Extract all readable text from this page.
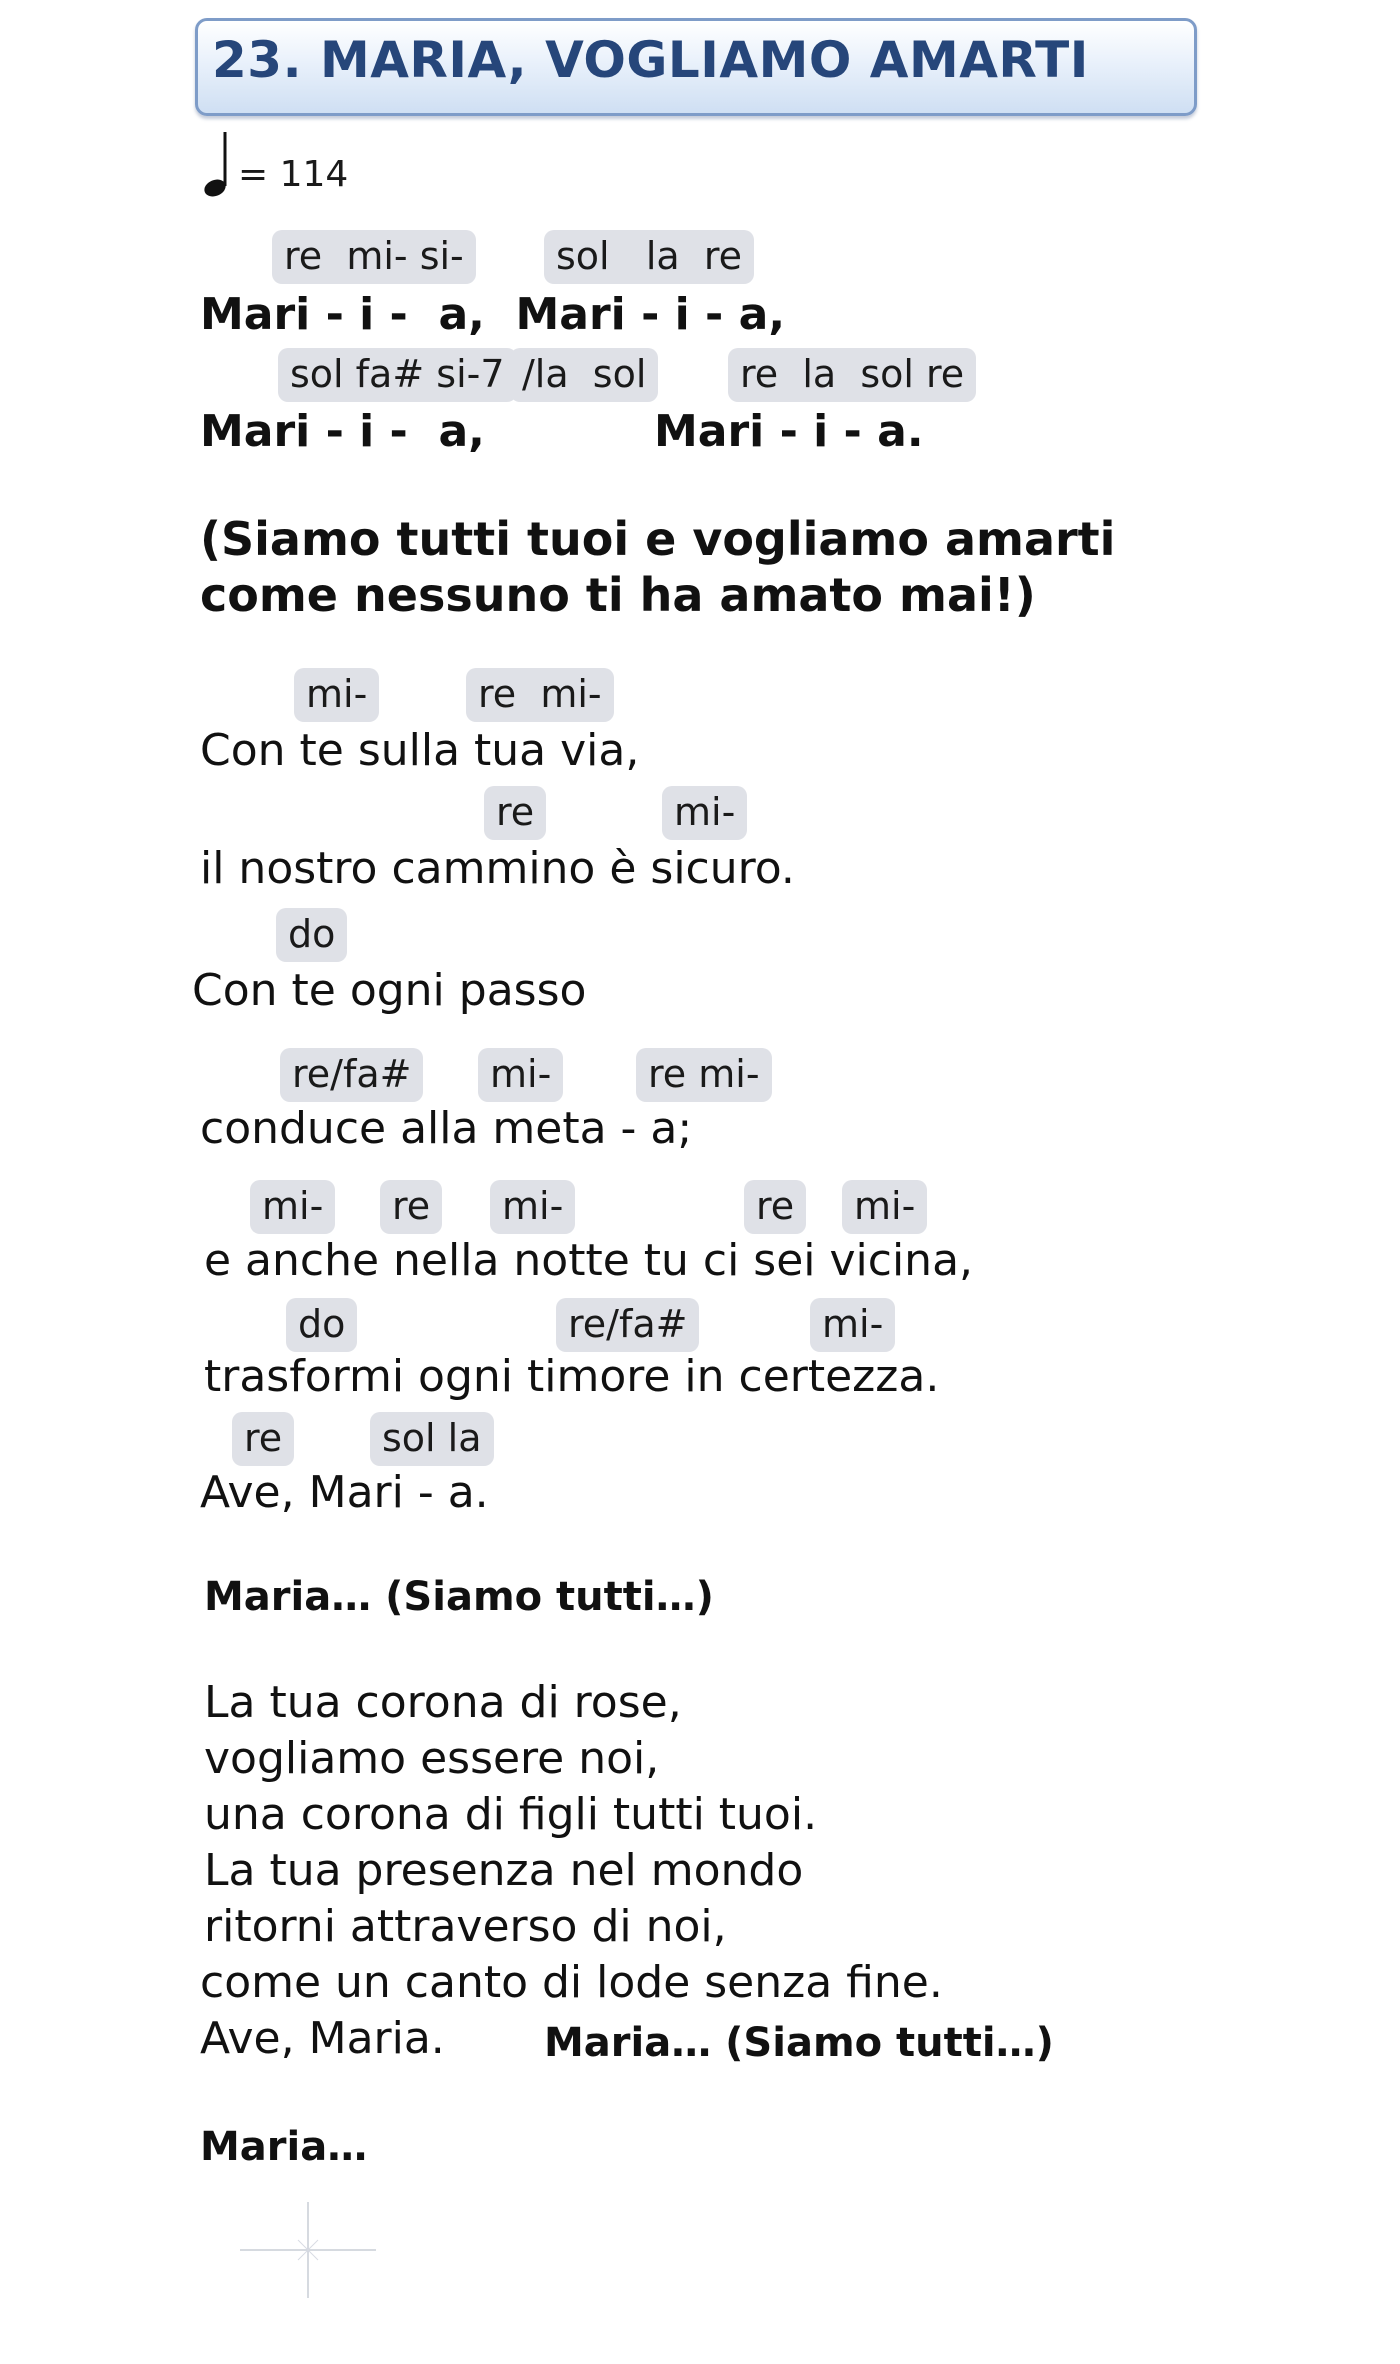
23. MARIA, VOGLIAMO AMARTI
= 114
re  mi- si-	sol   la  re
Mari - i -  a,  Mari - i - a,
sol fa# si-7 /la  sol	re  la  sol re
Mari - i -  a,	Mari - i - a.
(Siamo tutti tuoi e vogliamo amarti
come nessuno ti ha amato mai!)
mi-	re  mi-
Con te sulla tua via,
re	mi-
il nostro cammino è sicuro.
do
Con te ogni passo
re/fa#	mi-	re mi-
conduce alla meta - a;
mi-	re	mi-	re	mi-
e anche nella notte tu ci sei vicina,
do	re/fa#	mi-
trasformi ogni timore in certezza.
re	sol la
Ave, Mari - a.
Maria… (Siamo tutti…)
La tua corona di rose,
vogliamo essere noi,
una corona di figli tutti tuoi.
La tua presenza nel mondo
ritorni attraverso di noi,
come un canto di lode senza fine.
Ave, Maria. Maria… (Siamo tutti…)
Maria…
